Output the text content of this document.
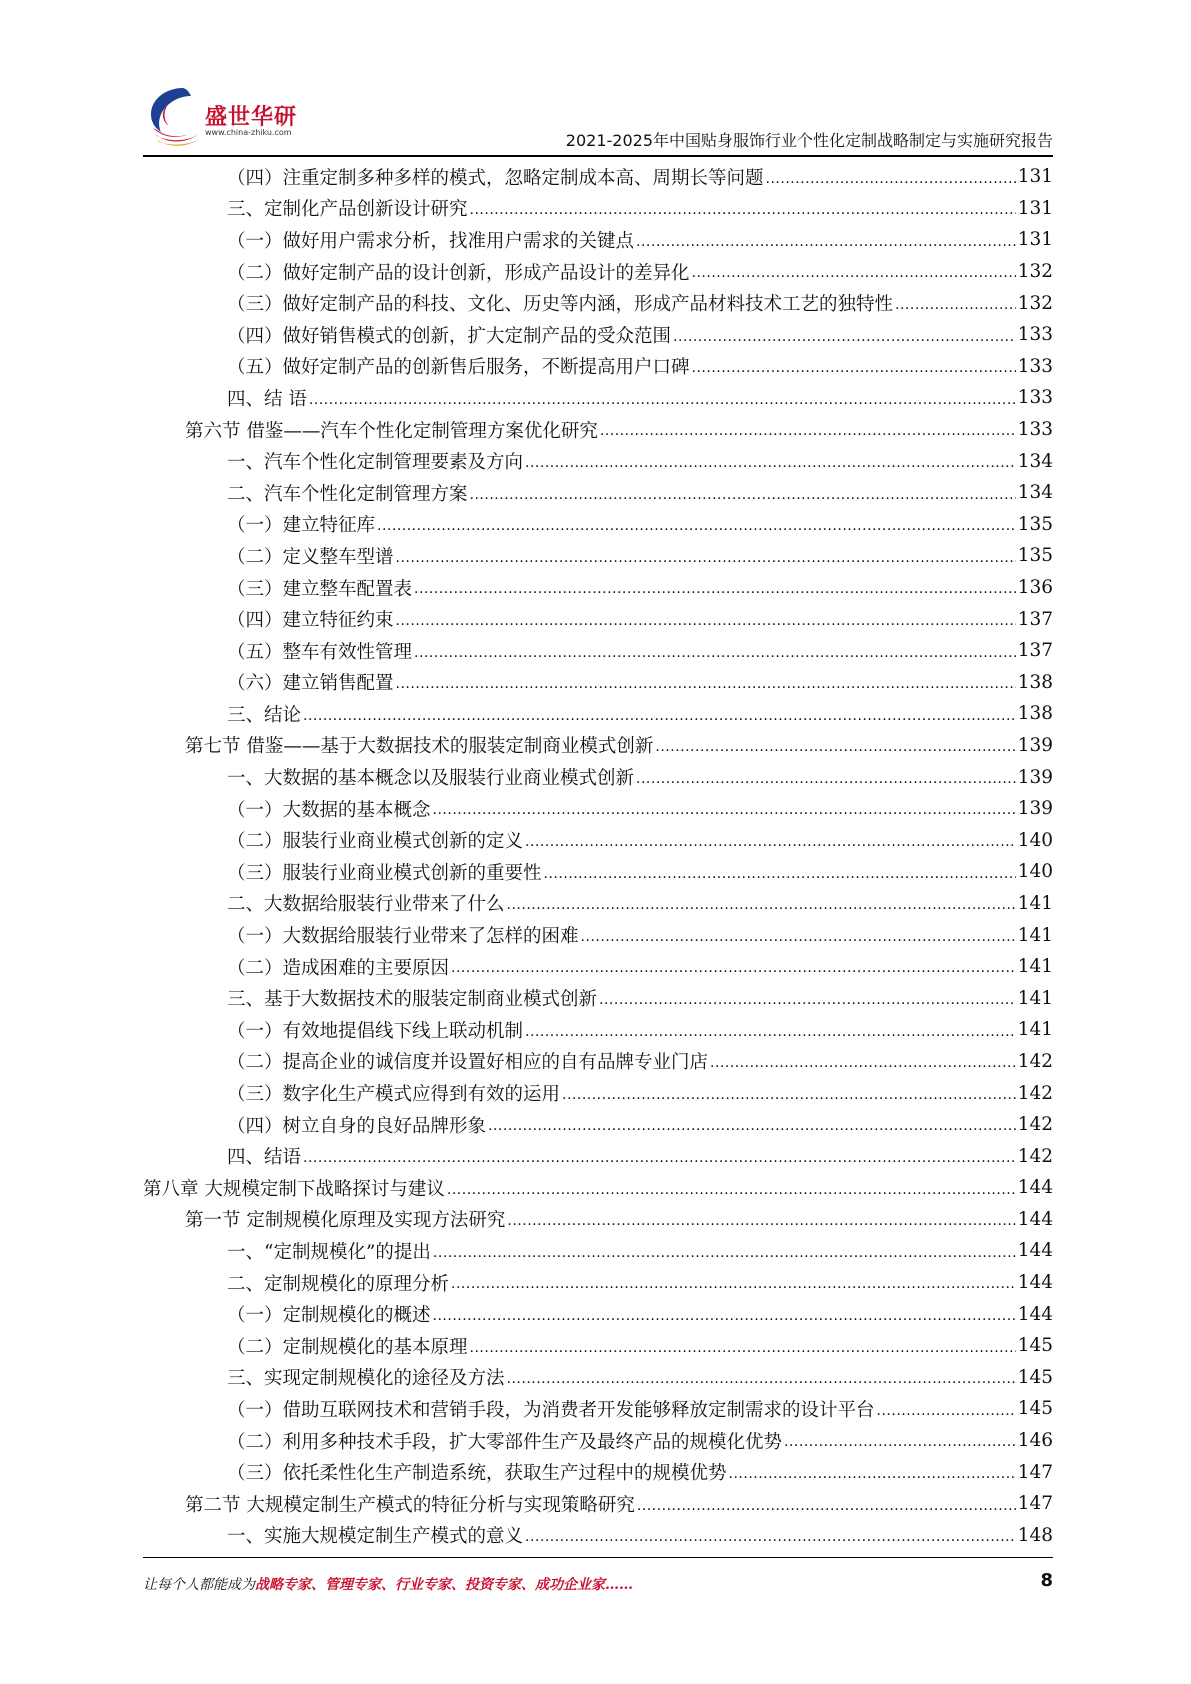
盛世华研
www.china-zhiku.com	2021-2025年中国贴身服饰行业个性化定制战略制定与实施研究报告
（四）注重定制多种多样的模式，忽略定制成本高、周期长等问题 .....	131
三、定制化产品创新设计研究 .....	131
（一）做好用户需求分析，找准用户需求的关键点 .....	131
（二）做好定制产品的设计创新，形成产品设计的差异化 .....	132
（三）做好定制产品的科技、文化、历史等内涵，形成产品材料技术工艺的独特性 .....	132
（四）做好销售模式的创新，扩大定制产品的受众范围 .....	133
（五）做好定制产品的创新售后服务，不断提高用户口碑 .....	133
四、结 语 .....	133
第六节 借鉴——汽车个性化定制管理方案优化研究 .....	133
一、汽车个性化定制管理要素及方向 .....	134
二、汽车个性化定制管理方案 .....	134
（一）建立特征库 .....	135
（二）定义整车型谱 .....	135
（三）建立整车配置表 .....	136
（四）建立特征约束 .....	137
（五）整车有效性管理 .....	137
（六）建立销售配置 .....	138
三、结论 .....	138
第七节 借鉴——基于大数据技术的服装定制商业模式创新 .....	139
一、大数据的基本概念以及服装行业商业模式创新 .....	139
（一）大数据的基本概念 .....	139
（二）服装行业商业模式创新的定义 .....	140
（三）服装行业商业模式创新的重要性 .....	140
二、大数据给服装行业带来了什么 .....	141
（一）大数据给服装行业带来了怎样的困难 .....	141
（二）造成困难的主要原因 .....	141
三、基于大数据技术的服装定制商业模式创新 .....	141
（一）有效地提倡线下线上联动机制 .....	141
（二）提高企业的诚信度并设置好相应的自有品牌专业门店 .....	142
（三）数字化生产模式应得到有效的运用 .....	142
（四）树立自身的良好品牌形象 .....	142
四、结语 .....	142
第八章 大规模定制下战略探讨与建议 .....	144
第一节 定制规模化原理及实现方法研究 .....	144
一、“定制规模化”的提出 .....	144
二、定制规模化的原理分析 .....	144
（一）定制规模化的概述 .....	144
（二）定制规模化的基本原理 .....	145
三、实现定制规模化的途径及方法 .....	145
（一）借助互联网技术和营销手段，为消费者开发能够释放定制需求的设计平台 .....	145
（二）利用多种技术手段，扩大零部件生产及最终产品的规模化优势 .....	146
（三）依托柔性化生产制造系统，获取生产过程中的规模优势 .....	147
第二节 大规模定制生产模式的特征分析与实现策略研究 .....	147
一、实施大规模定制生产模式的意义 .....	148
让每个人都能成为战略专家、管理专家、行业专家、投资专家、成功企业家……	8
